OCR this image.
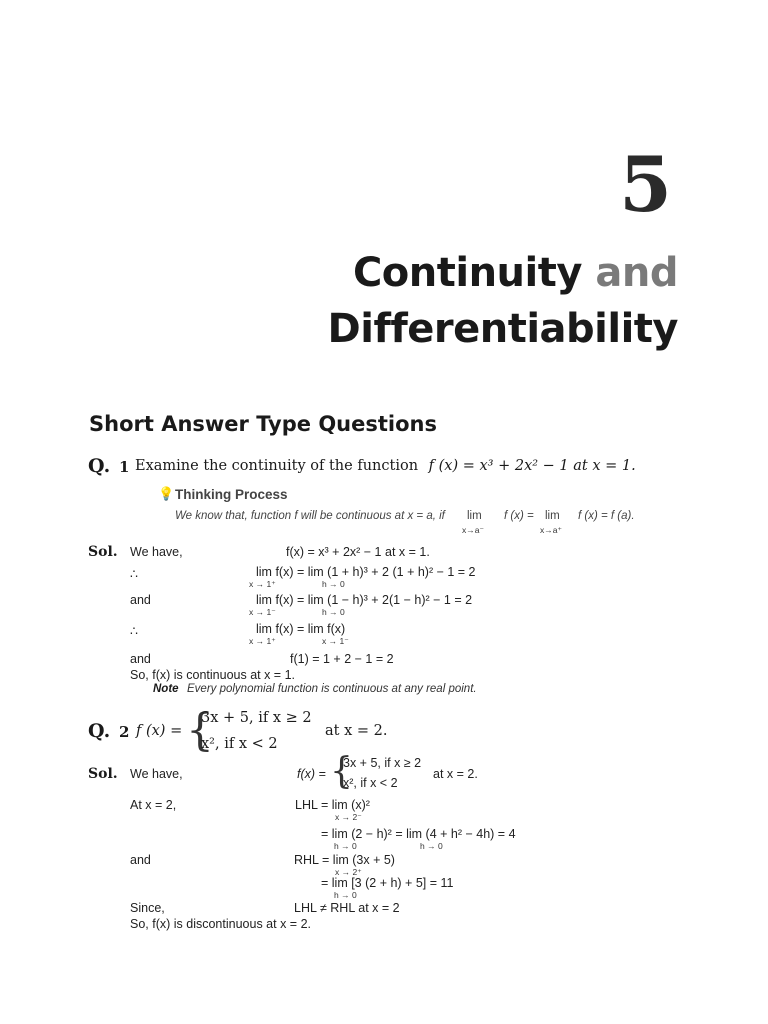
5
Continuity and
Differentiability
Short Answer Type Questions
Q. 1 Examine the continuity of the function f (x) = x³ + 2x² − 1 at x = 1.
💡 Thinking Process
We know that, function f will be continuous at x = a, if lim
x→a⁻
f (x) = lim
x→a⁺
f (x) = f (a).
Sol. We have,	f(x) = x³ + 2x² − 1 at x = 1.
∴	lim f(x) = lim (1 + h)³ + 2 (1 + h)² − 1 = 2
x → 1⁺	h → 0
and	lim f(x) = lim (1 − h)³ + 2(1 − h)² − 1 = 2
x → 1⁻	h → 0
∴	lim f(x) = lim f(x)
x → 1⁺	x → 1⁻
and	f(1) = 1 + 2 − 1 = 2
So, f(x) is continuous at x = 1.
Note Every polynomial function is continuous at any real point.
Q. 2 f (x) = {
3x + 5, if x ≥ 2
x², if x < 2
at x = 2.
Sol. We have,	f(x) = {
3x + 5, if x ≥ 2
x², if x < 2
at x = 2.
At x = 2,	LHL = lim (x)²
x → 2⁻
= lim (2 − h)² = lim (4 + h² − 4h) = 4
h → 0	h → 0
and	RHL = lim (3x + 5)
x → 2⁺
= lim [3 (2 + h) + 5] = 11
h → 0
Since,	LHL ≠ RHL at x = 2
So, f(x) is discontinuous at x = 2.
